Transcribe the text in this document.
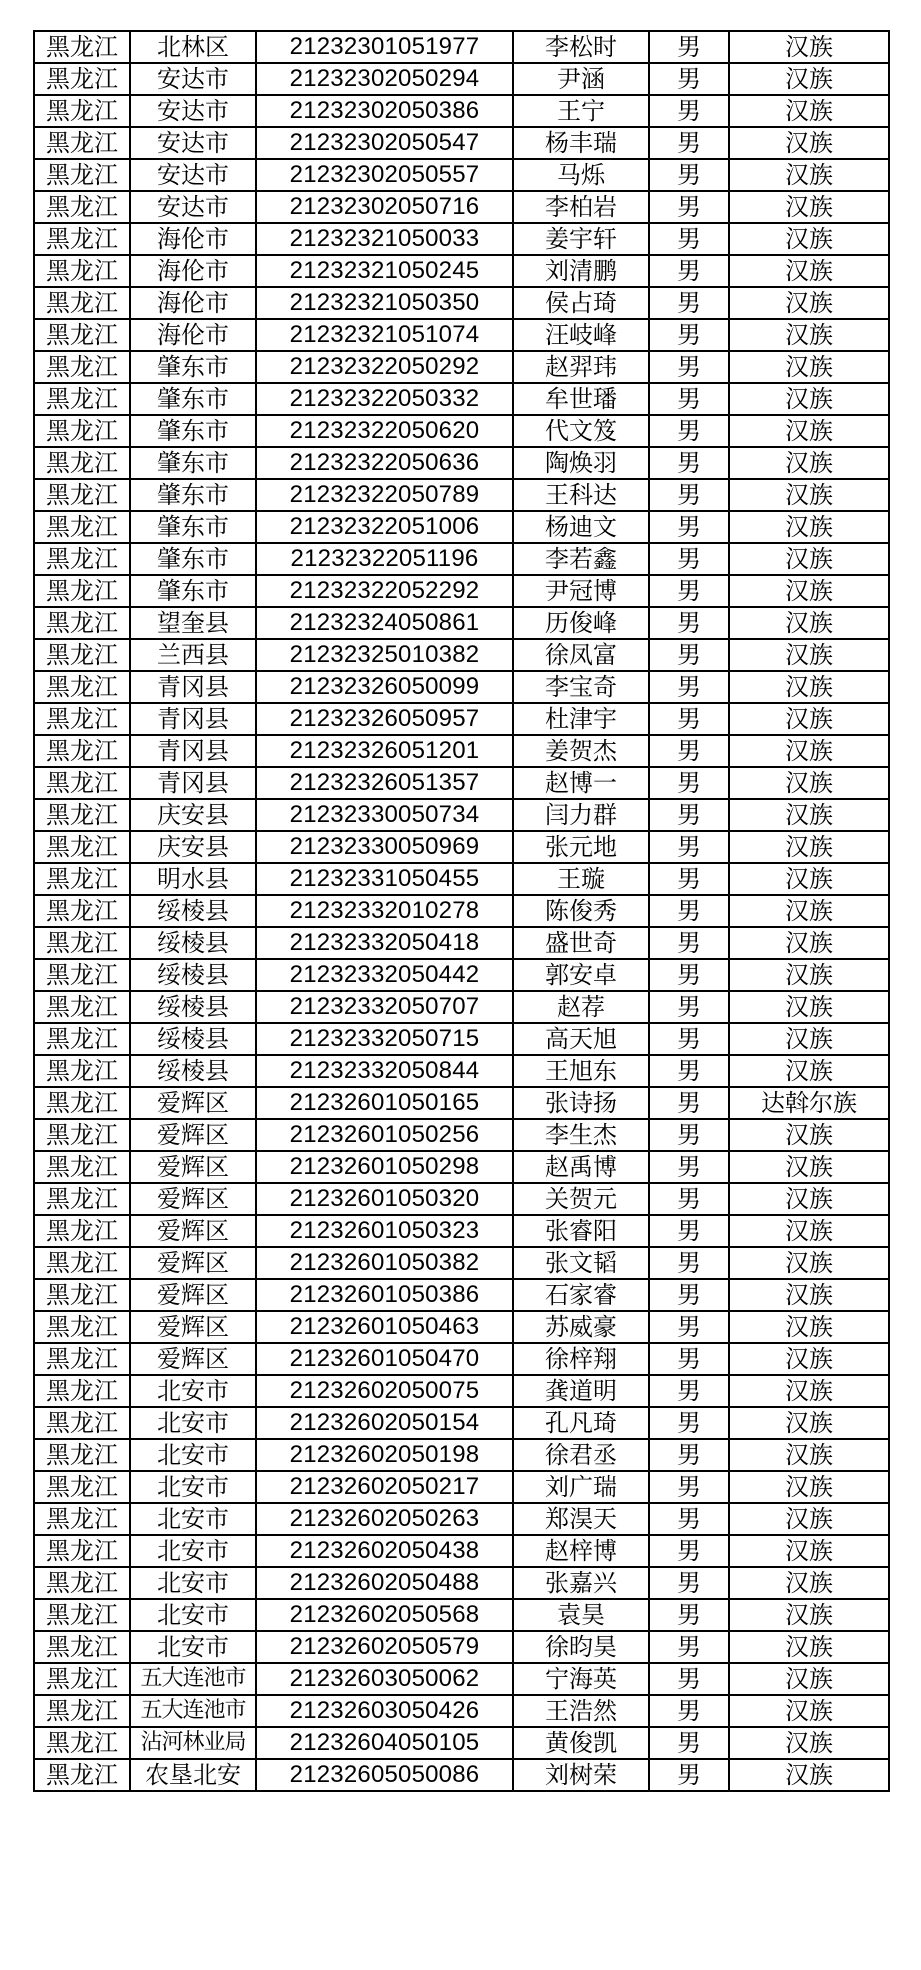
黑龙江	北林区	21232301051977	李松时	男	汉族
黑龙江	安达市	21232302050294	尹涵	男	汉族
黑龙江	安达市	21232302050386	王宁	男	汉族
黑龙江	安达市	21232302050547	杨丰瑞	男	汉族
黑龙江	安达市	21232302050557	马烁	男	汉族
黑龙江	安达市	21232302050716	李柏岩	男	汉族
黑龙江	海伦市	21232321050033	姜宇轩	男	汉族
黑龙江	海伦市	21232321050245	刘清鹏	男	汉族
黑龙江	海伦市	21232321050350	侯占琦	男	汉族
黑龙江	海伦市	21232321051074	汪岐峰	男	汉族
黑龙江	肇东市	21232322050292	赵羿玮	男	汉族
黑龙江	肇东市	21232322050332	牟世璠	男	汉族
黑龙江	肇东市	21232322050620	代文笈	男	汉族
黑龙江	肇东市	21232322050636	陶焕羽	男	汉族
黑龙江	肇东市	21232322050789	王科达	男	汉族
黑龙江	肇东市	21232322051006	杨迪文	男	汉族
黑龙江	肇东市	21232322051196	李若鑫	男	汉族
黑龙江	肇东市	21232322052292	尹冠博	男	汉族
黑龙江	望奎县	21232324050861	历俊峰	男	汉族
黑龙江	兰西县	21232325010382	徐凤富	男	汉族
黑龙江	青冈县	21232326050099	李宝奇	男	汉族
黑龙江	青冈县	21232326050957	杜津宇	男	汉族
黑龙江	青冈县	21232326051201	姜贺杰	男	汉族
黑龙江	青冈县	21232326051357	赵博一	男	汉族
黑龙江	庆安县	21232330050734	闫力群	男	汉族
黑龙江	庆安县	21232330050969	张元地	男	汉族
黑龙江	明水县	21232331050455	王璇	男	汉族
黑龙江	绥棱县	21232332010278	陈俊秀	男	汉族
黑龙江	绥棱县	21232332050418	盛世奇	男	汉族
黑龙江	绥棱县	21232332050442	郭安卓	男	汉族
黑龙江	绥棱县	21232332050707	赵荐	男	汉族
黑龙江	绥棱县	21232332050715	高天旭	男	汉族
黑龙江	绥棱县	21232332050844	王旭东	男	汉族
黑龙江	爱辉区	21232601050165	张诗扬	男	达斡尔族
黑龙江	爱辉区	21232601050256	李生杰	男	汉族
黑龙江	爱辉区	21232601050298	赵禹博	男	汉族
黑龙江	爱辉区	21232601050320	关贺元	男	汉族
黑龙江	爱辉区	21232601050323	张睿阳	男	汉族
黑龙江	爱辉区	21232601050382	张文韬	男	汉族
黑龙江	爱辉区	21232601050386	石家睿	男	汉族
黑龙江	爱辉区	21232601050463	苏威豪	男	汉族
黑龙江	爱辉区	21232601050470	徐梓翔	男	汉族
黑龙江	北安市	21232602050075	龚道明	男	汉族
黑龙江	北安市	21232602050154	孔凡琦	男	汉族
黑龙江	北安市	21232602050198	徐君丞	男	汉族
黑龙江	北安市	21232602050217	刘广瑞	男	汉族
黑龙江	北安市	21232602050263	郑淏天	男	汉族
黑龙江	北安市	21232602050438	赵梓博	男	汉族
黑龙江	北安市	21232602050488	张嘉兴	男	汉族
黑龙江	北安市	21232602050568	袁昊	男	汉族
黑龙江	北安市	21232602050579	徐昀昊	男	汉族
黑龙江	五大连池市	21232603050062	宁海英	男	汉族
黑龙江	五大连池市	21232603050426	王浩然	男	汉族
黑龙江	沾河林业局	21232604050105	黄俊凯	男	汉族
黑龙江	农垦北安	21232605050086	刘树荣	男	汉族
